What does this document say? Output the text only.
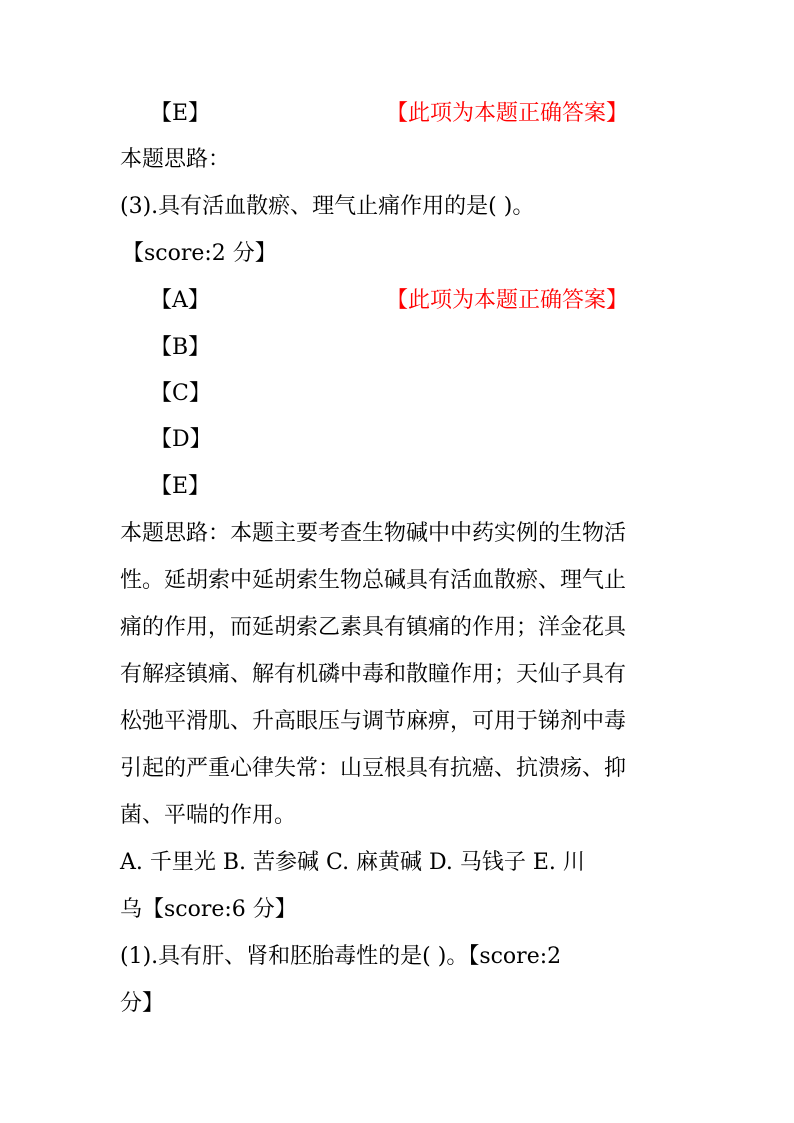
【E】	【此项为本题正确答案】
本题思路：
(3).具有活血散瘀、理气止痛作用的是( )。
【score:2 分】
【A】	【此项为本题正确答案】
【B】
【C】
【D】
【E】
本题思路：本题主要考查生物碱中中药实例的生物活
性。延胡索中延胡索生物总碱具有活血散瘀、理气止
痛的作用，而延胡索乙素具有镇痛的作用；洋金花具
有解痉镇痛、解有机磷中毒和散瞳作用；天仙子具有
松弛平滑肌、升高眼压与调节麻痹，可用于锑剂中毒
引起的严重心律失常：山豆根具有抗癌、抗溃疡、抑
菌、平喘的作用。
A. 千里光 B. 苦参碱 C. 麻黄碱 D. 马钱子 E. 川
乌【score:6 分】
(1).具有肝、肾和胚胎毒性的是( )。【score:2
分】
